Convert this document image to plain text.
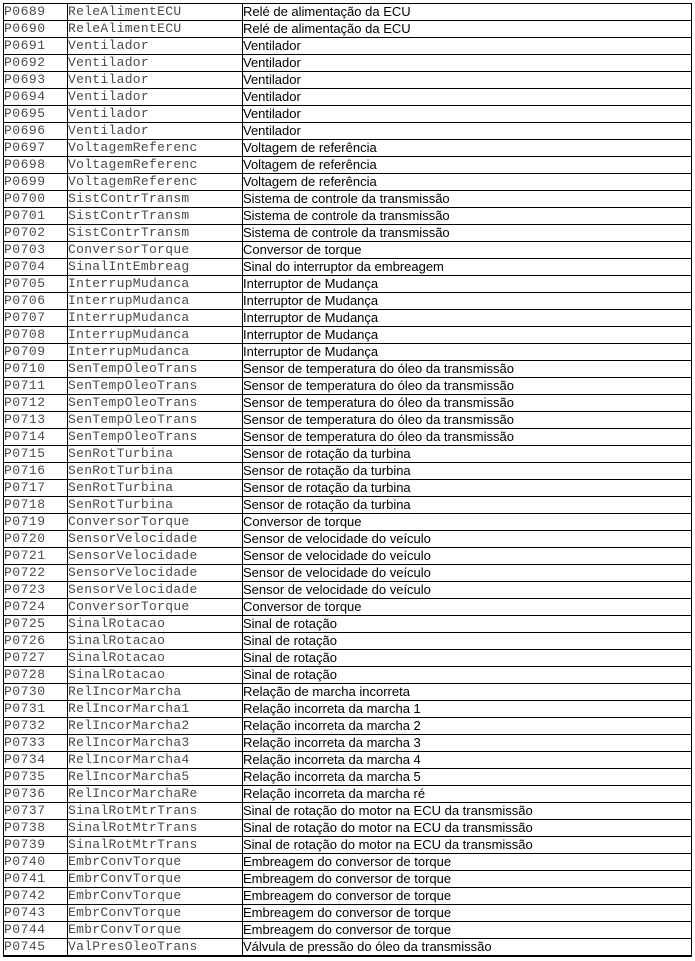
P0689	ReleAlimentECU	Relé de alimentação da ECU
P0690	ReleAlimentECU	Relé de alimentação da ECU
P0691	Ventilador	Ventilador
P0692	Ventilador	Ventilador
P0693	Ventilador	Ventilador
P0694	Ventilador	Ventilador
P0695	Ventilador	Ventilador
P0696	Ventilador	Ventilador
P0697	VoltagemReferenc	Voltagem de referência
P0698	VoltagemReferenc	Voltagem de referência
P0699	VoltagemReferenc	Voltagem de referência
P0700	SistContrTransm	Sistema de controle da transmissão
P0701	SistContrTransm	Sistema de controle da transmissão
P0702	SistContrTransm	Sistema de controle da transmissão
P0703	ConversorTorque	Conversor de torque
P0704	SinalIntEmbreag	Sinal do interruptor da embreagem
P0705	InterrupMudanca	Interruptor de Mudança
P0706	InterrupMudanca	Interruptor de Mudança
P0707	InterrupMudanca	Interruptor de Mudança
P0708	InterrupMudanca	Interruptor de Mudança
P0709	InterrupMudanca	Interruptor de Mudança
P0710	SenTempOleoTrans	Sensor de temperatura do óleo da transmissão
P0711	SenTempOleoTrans	Sensor de temperatura do óleo da transmissão
P0712	SenTempOleoTrans	Sensor de temperatura do óleo da transmissão
P0713	SenTempOleoTrans	Sensor de temperatura do óleo da transmissão
P0714	SenTempOleoTrans	Sensor de temperatura do óleo da transmissão
P0715	SenRotTurbina	Sensor de rotação da turbina
P0716	SenRotTurbina	Sensor de rotação da turbina
P0717	SenRotTurbina	Sensor de rotação da turbina
P0718	SenRotTurbina	Sensor de rotação da turbina
P0719	ConversorTorque	Conversor de torque
P0720	SensorVelocidade	Sensor de velocidade do veículo
P0721	SensorVelocidade	Sensor de velocidade do veículo
P0722	SensorVelocidade	Sensor de velocidade do veículo
P0723	SensorVelocidade	Sensor de velocidade do veículo
P0724	ConversorTorque	Conversor de torque
P0725	SinalRotacao	Sinal de rotação
P0726	SinalRotacao	Sinal de rotação
P0727	SinalRotacao	Sinal de rotação
P0728	SinalRotacao	Sinal de rotação
P0730	RelIncorMarcha	Relação de marcha incorreta
P0731	RelIncorMarcha1	Relação incorreta da marcha 1
P0732	RelIncorMarcha2	Relação incorreta da marcha 2
P0733	RelIncorMarcha3	Relação incorreta da marcha 3
P0734	RelIncorMarcha4	Relação incorreta da marcha 4
P0735	RelIncorMarcha5	Relação incorreta da marcha 5
P0736	RelIncorMarchaRe	Relação incorreta da marcha ré
P0737	SinalRotMtrTrans	Sinal de rotação do motor na ECU da transmissão
P0738	SinalRotMtrTrans	Sinal de rotação do motor na ECU da transmissão
P0739	SinalRotMtrTrans	Sinal de rotação do motor na ECU da transmissão
P0740	EmbrConvTorque	Embreagem do conversor de torque
P0741	EmbrConvTorque	Embreagem do conversor de torque
P0742	EmbrConvTorque	Embreagem do conversor de torque
P0743	EmbrConvTorque	Embreagem do conversor de torque
P0744	EmbrConvTorque	Embreagem do conversor de torque
P0745	ValPresOleoTrans	Válvula de pressão do óleo da transmissão
